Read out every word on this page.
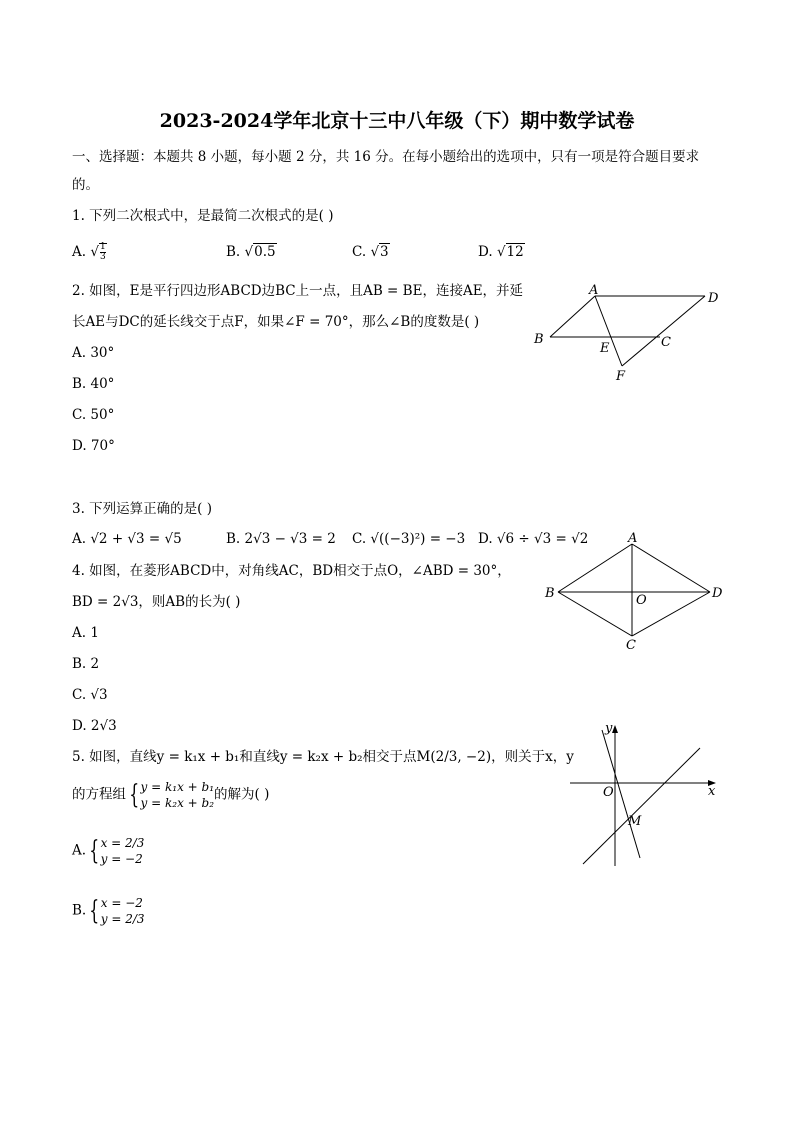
2023-2024学年北京十三中八年级（下）期中数学试卷
一、选择题：本题共 8 小题，每小题 2 分，共 16 分。在每小题给出的选项中，只有一项是符合题目要求
的。
1. 下列二次根式中，是最简二次根式的是( )
A. √ $\frac{1}{3}$	B. √0.5	C. √3	D. √12
2. 如图，E是平行四边形ABCD边BC上一点，且AB = BE，连接AE，并延
长AE与DC的延长线交于点F，如果∠F = 70°，那么∠B的度数是( )
A. 30°
B. 40°
C. 50°
D. 70°
A
D
B
E	C
F
3. 下列运算正确的是( )
A. √2 + √3 = √5	B. 2√3 − √3 = 2 C. √((−3)²) = −3 D. √6 ÷ √3 = √2
4. 如图，在菱形ABCD中，对角线AC，BD相交于点O，∠ABD = 30°，
BD = 2√3，则AB的长为( )
A. 1
B. 2
C. √3
D. 2√3
A
B	D
C
O
5. 如图，直线y = k₁x + b₁和直线y = k₂x + b₂相交于点M(2/3, −2)，则关于x，y
的方程组 { y = k₁x + b₁
y = k₂x + b₂
的解为( )
A. { x = 2/3
y = −2
B. { x = −2
y = 2/3
y
x
O
M
